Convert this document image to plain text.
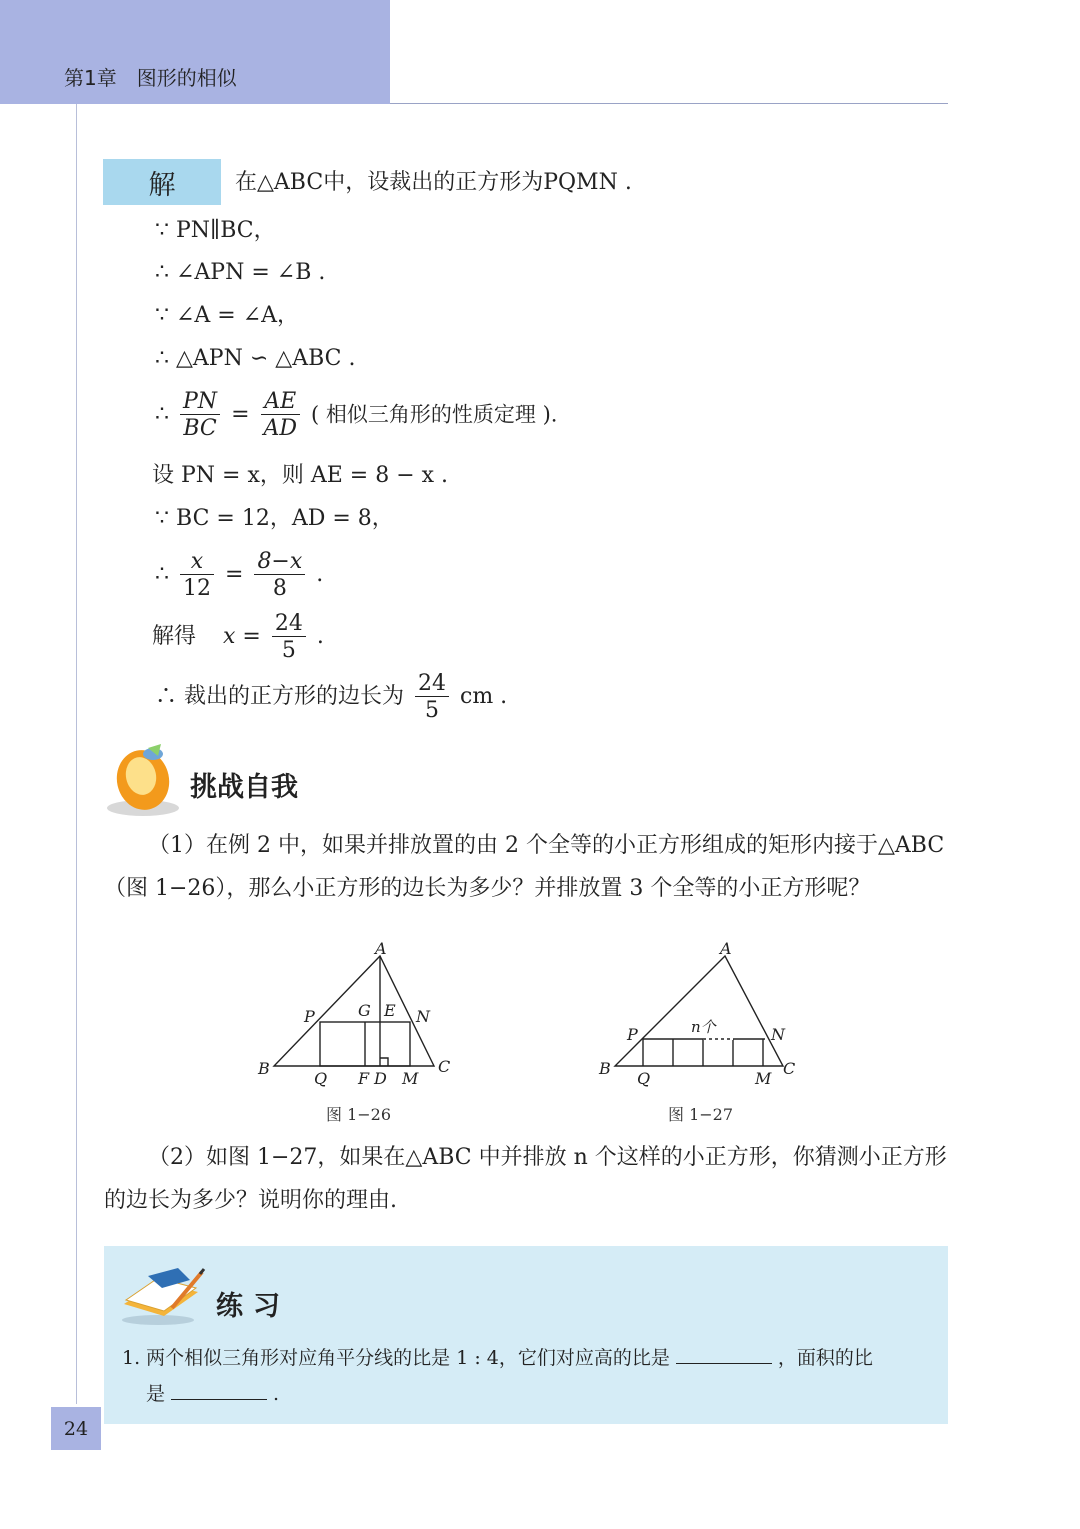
第1章　图形的相似
解	在△ABC中，设裁出的正方形为PQMN .
∵ PN∥BC，
∴ ∠APN = ∠B .
∵ ∠A = ∠A，
∴ △APN ∽ △ABC .
∴ $\frac{PN}{BC} = \frac{AE}{AD}$ ( 相似三角形的性质定理 ).
设 PN = x，则 AE = 8 − x .
∵ BC = 12，AD = 8，
∴ $\frac{x}{12} = \frac{8-x}{8}$ .
解得 $x = \frac{24}{5}$ .
∴ 裁出的正方形的边长为 $\frac{24}{5}$ cm .
挑战自我
（1）在例 2 中，如果并排放置的由 2 个全等的小正方形组成的矩形内接于△ABC（图 1−26），那么小正方形的边长为多少？并排放置 3 个全等的小正方形呢？
A
P	G E N
B
Q F D M
C
图 1−26
A
P	n个	N
B
Q	M
C
图 1−27
（2）如图 1−27，如果在△ABC 中并排放 n 个这样的小正方形，你猜测小正方形的边长为多少？说明你的理由.
练习
1. 两个相似三角形对应角平分线的比是 1 : 4，它们对应高的比是	，面积的比
是	.
24
